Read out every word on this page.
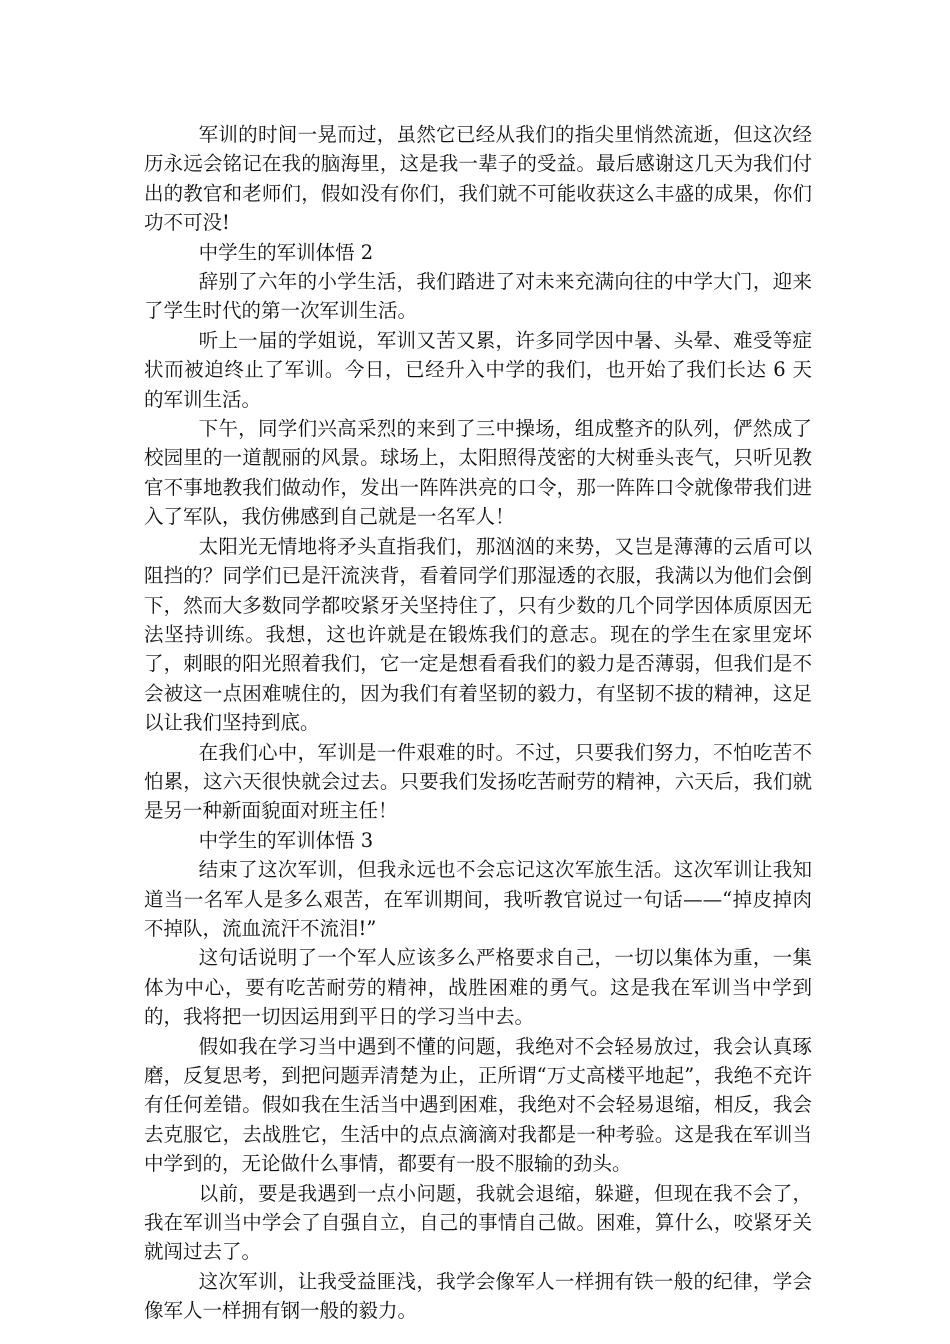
军训的时间一晃而过，虽然它已经从我们的指尖里悄然流逝，但这次经历永远会铭记在我的脑海里，这是我一辈子的受益。最后感谢这几天为我们付出的教官和老师们，假如没有你们，我们就不可能收获这么丰盛的成果，你们功不可没!

中学生的军训体悟 2

辞别了六年的小学生活，我们踏进了对未来充满向往的中学大门，迎来了学生时代的第一次军训生活。

听上一届的学姐说，军训又苦又累，许多同学因中暑、头晕、难受等症状而被迫终止了军训。今日，已经升入中学的我们，也开始了我们长达 6 天的军训生活。

下午，同学们兴高采烈的来到了三中操场，组成整齐的队列，俨然成了校园里的一道靓丽的风景。球场上，太阳照得茂密的大树垂头丧气，只听见教官不事地教我们做动作，发出一阵阵洪亮的口令，那一阵阵口令就像带我们进入了军队，我仿佛感到自己就是一名军人！

太阳光无情地将矛头直指我们，那汹汹的来势，又岂是薄薄的云盾可以阻挡的？同学们已是汗流浃背，看着同学们那湿透的衣服，我满以为他们会倒下，然而大多数同学都咬紧牙关坚持住了，只有少数的几个同学因体质原因无法坚持训练。我想，这也许就是在锻炼我们的意志。现在的学生在家里宠坏了，刺眼的阳光照着我们，它一定是想看看我们的毅力是否薄弱，但我们是不会被这一点困难唬住的，因为我们有着坚韧的毅力，有坚韧不拔的精神，这足以让我们坚持到底。

在我们心中，军训是一件艰难的时。不过，只要我们努力，不怕吃苦不怕累，这六天很快就会过去。只要我们发扬吃苦耐劳的精神，六天后，我们就是另一种新面貌面对班主任！

中学生的军训体悟 3

结束了这次军训，但我永远也不会忘记这次军旅生活。这次军训让我知道当一名军人是多么艰苦，在军训期间，我听教官说过一句话——“掉皮掉肉不掉队，流血流汗不流泪!”

这句话说明了一个军人应该多么严格要求自己，一切以集体为重，一集体为中心，要有吃苦耐劳的精神，战胜困难的勇气。这是我在军训当中学到的，我将把一切因运用到平日的学习当中去。

假如我在学习当中遇到不懂的问题，我绝对不会轻易放过，我会认真琢磨，反复思考，到把问题弄清楚为止，正所谓“万丈高楼平地起”，我绝不充许有任何差错。假如我在生活当中遇到困难，我绝对不会轻易退缩，相反，我会去克服它，去战胜它，生活中的点点滴滴对我都是一种考验。这是我在军训当中学到的，无论做什么事情，都要有一股不服输的劲头。

以前，要是我遇到一点小问题，我就会退缩，躲避，但现在我不会了，我在军训当中学会了自强自立，自己的事情自己做。困难，算什么，咬紧牙关就闯过去了。

这次军训，让我受益匪浅，我学会像军人一样拥有铁一般的纪律，学会像军人一样拥有钢一般的毅力。
